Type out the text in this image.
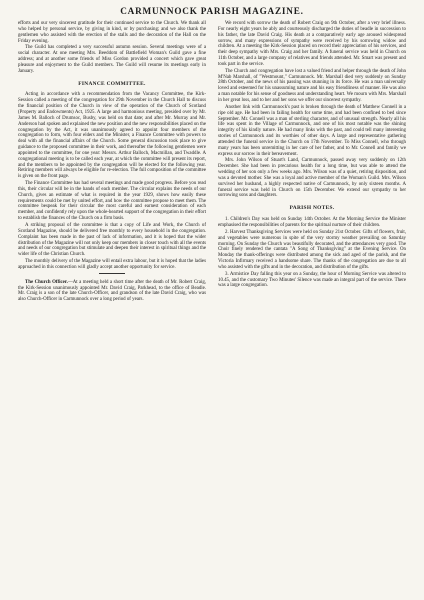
CARMUNNOCK PARISH MAGAZINE.

efforts and our very sincerest gratitude for their continued service to the Church. We thank all who helped by personal service, by giving in kind, or by purchasing; and we also thank the gentlemen who assisted with the erection of the stalls and the decoration of the Hall on the Friday evening.

The Guild has completed a very successful autumn session. Several meetings were of a social character. At one meeting Mrs. Beeddom of Battlefield Woman's Guild gave a fine address; and at another some friends of Miss Gordon provided a concert which gave great pleasure and enjoyment to the Guild members. The Guild will resume its meetings early in January.

FINANCE COMMITTEE.

Acting in accordance with a recommendation from the Vacancy Committee, the Kirk-Session called a meeting of the congregation for 29th November in the Church Hall to discuss the financial position of the Church in view of the operation of the Church of Scotland (Property and Endowments) Act, 1925. A large and harmonious meeting, presided over by Mr. James M. Balloch of Drumsoc, Busby, was held on that date; and after Mr. Murray and Mr. Anderson had spoken and explained the new position and the new responsibilities placed on the congregation by the Act, it was unanimously agreed to appoint four members of the congregation to form, with four elders and the Minister, a Finance Committee with powers to deal with all the financial affairs of the Church. Some general discussion took place to give guidance to the proposed committee in their work, and thereafter the following gentlemen were appointed to the committee, for one year: Messrs. Arthur Balloch, Macmillan, and Twaddle. A congregational meeting is to be called each year, at which the committee will present its report, and the members to be appointed by the congregation will be elected for the following year. Retiring members will always be eligible for re-election. The full composition of the committee is given on the front page.

The Finance Committee has had several meetings and made good progress. Before you read this, their circular will be in the hands of each member. The circular explains the needs of our Church, gives an estimate of what is required in the year 1929, shows how easily these requirements could be met by united effort, and how the committee propose to meet them. The committee bespeak for their circular the most careful and earnest consideration of each member, and confidently rely upon the whole-hearted support of the congregation in their effort to establish the finances of the Church on a firm basis.

A striking proposal of the committee is that a copy of Life and Work, the Church of Scotland Magazine, should be delivered free monthly to every household in the congregation. Complaint has been made in the past of lack of information, and it is hoped that the wider distribution of the Magazine will not only keep our members in closer touch with all the events and needs of our congregation but stimulate and deepen their interest in spiritual things and the wider life of the Christian Church.

The monthly delivery of the Magazine will entail extra labour, but it is hoped that the ladies approached in this connection will gladly accept another opportunity for service.

The Church Officer.—At a meeting held a short time after the death of Mr. Robert Craig, the Kirk-Session unanimously appointed Mr. David Craig, Parkhead, to the office of Beadle. Mr. Craig is a son of the late Church-Officer, and grandson of the late David Craig, who was also Church-Officer in Carmunnock over a long period of years.

We record with sorrow the death of Robert Craig on 9th October, after a very brief illness. For nearly eight years he ably and courteously discharged the duties of beadle in succession to his father, the late David Craig. His death at a comparatively early age aroused widespread sorrow, and many expressions of sympathy were received by his sorrowing widow and children. At a meeting the Kirk-Session placed on record their appreciation of his services, and their deep sympathy with Mrs. Craig and her family. A funeral service was held in Church on 11th October, and a large company of relatives and friends attended. Mr. Smart was present and took part in the service.

The Church and congregation have lost a valued friend and helper through the death of John M'Nab Marshall, of "Westmount," Carmunnock. Mr. Marshall died very suddenly on Sunday 28th October, and the news of his passing was stunning in its force. He was a man universally loved and esteemed for his unassuming nature and his easy friendliness of manner. He was also a man notable for his sense of goodness and understanding heart. We mourn with Mrs. Marshall in her great loss, and to her and her sons we offer our sincerest sympathy.

Another link with Carmunnock's past is broken through the death of Matthew Connell in a ripe old age. He had been in failing health for some time, and had been confined to bed since September. Mr. Connell was a man of sterling character, and of unusual strength. Nearly all his life was spent in the Village of Carmunnock, and one of his most notable was the shining integrity of his kindly nature. He had many links with the past, and could tell many interesting stories of Carmunnock and its worthies of other days. A large and representative gathering attended the funeral service in the Church on 17th November. To Miss Connell, who through many years has been unremitting in her care of her father, and to Mr. Connell and family we express our sorrow in their bereavement.

Mrs. John Wilson of Stuart's Land, Carmunnock, passed away very suddenly on 12th December. She had been in precarious health for a long time, but was able to attend the wedding of her son only a few weeks ago. Mrs. Wilson was of a quiet, retiring disposition, and was a devoted mother. She was a loyal and active member of the Woman's Guild. Mrs. Wilson survived her husband, a highly respected native of Carmunnock, by only sixteen months. A funeral service was held in Church on 15th December. We extend our sympathy to her sorrowing sons and daughters.

PARISH NOTES.

1. Children's Day was held on Sunday 14th October. At the Morning Service the Minister emphasised the responsibilities of parents for the spiritual nurture of their children.

2. Harvest Thanksgiving Services were held on Sunday 21st October. Gifts of flowers, fruit, and vegetables were numerous in spite of the very stormy weather prevailing on Saturday morning. On Sunday the Church was beautifully decorated, and the attendances very good. The Choir finely rendered the cantata "A Song of Thanksgiving" at the Evening Service. On Monday the thank-offerings were distributed among the sick and aged of the parish, and the Victoria Infirmary received a handsome share. The thanks of the congregation are due to all who assisted with the gifts and in the decoration, and distribution of the gifts.

3. Armistice Day falling this year on a Sunday, the hour of Morning Service was altered to 10.45, and the customary Two Minutes' Silence was made an integral part of the service. There was a large congregation.
